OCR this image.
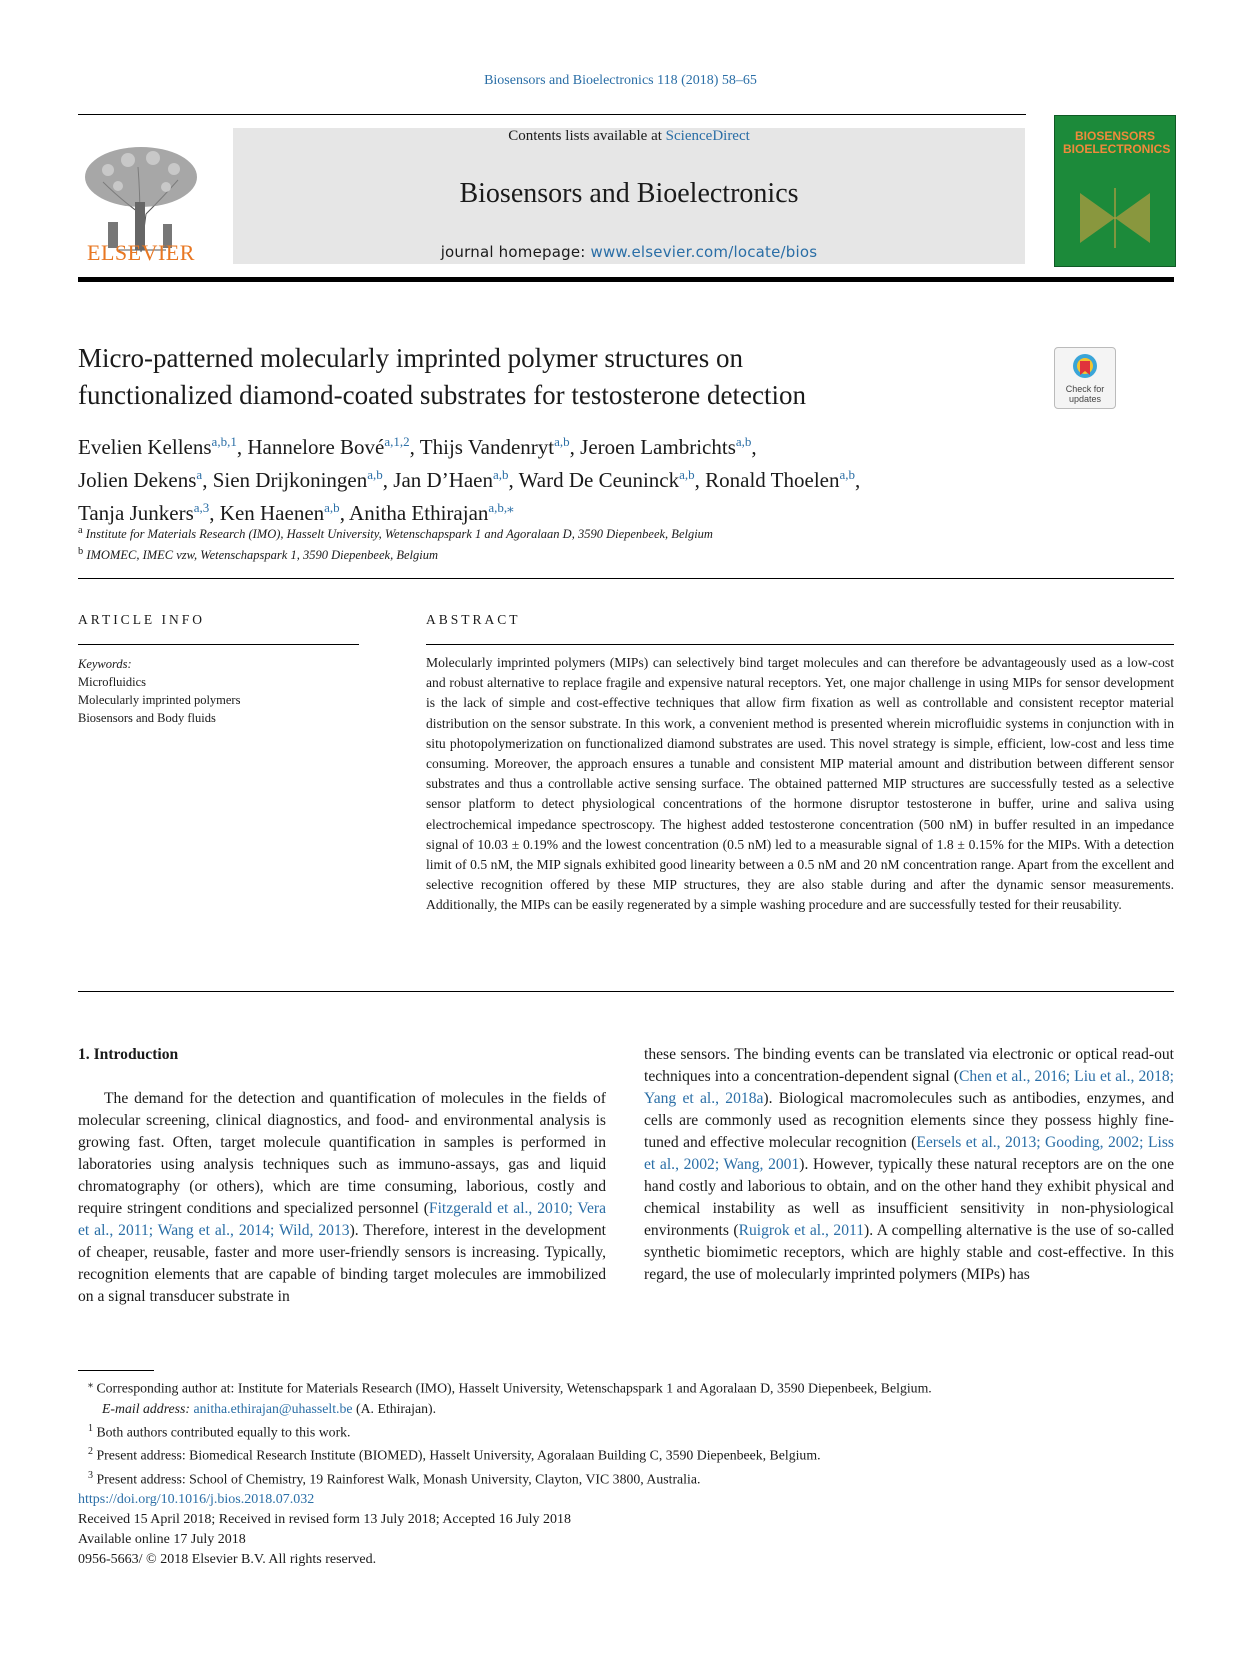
Biosensors and Bioelectronics 118 (2018) 58–65
ELSEVIER
Contents lists available at ScienceDirect
Biosensors and Bioelectronics
journal homepage: www.elsevier.com/locate/bios
BIOSENSORS BIOELECTRONICS
Micro-patterned molecularly imprinted polymer structures on
functionalized diamond-coated substrates for testosterone detection	Check for updates
Evelien Kellens$^{a,b,1}$, Hannelore Bové$^{a,1,2}$, Thijs Vandenryt$^{a,b}$, Jeroen Lambrichts$^{a,b}$,
Jolien Dekens$^a$, Sien Drijkoningen$^{a,b}$, Jan D’Haen$^{a,b}$, Ward De Ceuninck$^{a,b}$, Ronald Thoelen$^{a,b}$,
Tanja Junkers$^{a,3}$, Ken Haenen$^{a,b}$, Anitha Ethirajan$^{a,b,⁎}$
$^a$ Institute for Materials Research (IMO), Hasselt University, Wetenschapspark 1 and Agoralaan D, 3590 Diepenbeek, Belgium
$^b$ IMOMEC, IMEC vzw, Wetenschapspark 1, 3590 Diepenbeek, Belgium
ARTICLE INFO	ABSTRACT
Keywords:
Microfluidics
Molecularly imprinted polymers
Biosensors and Body fluids
Molecularly imprinted polymers (MIPs) can selectively bind target molecules and can therefore be advantageously used as a low-cost and robust alternative to replace fragile and expensive natural receptors. Yet, one major challenge in using MIPs for sensor development is the lack of simple and cost-effective techniques that allow firm fixation as well as controllable and consistent receptor material distribution on the sensor substrate. In this work, a convenient method is presented wherein microfluidic systems in conjunction with in situ photopolymerization on functionalized diamond substrates are used. This novel strategy is simple, efficient, low-cost and less time consuming. Moreover, the approach ensures a tunable and consistent MIP material amount and distribution between different sensor substrates and thus a controllable active sensing surface. The obtained patterned MIP structures are successfully tested as a selective sensor platform to detect physiological concentrations of the hormone disruptor testosterone in buffer, urine and saliva using electrochemical impedance spectroscopy. The highest added testosterone concentration (500 nM) in buffer resulted in an impedance signal of 10.03 ± 0.19% and the lowest concentration (0.5 nM) led to a measurable signal of 1.8 ± 0.15% for the MIPs. With a detection limit of 0.5 nM, the MIP signals exhibited good linearity between a 0.5 nM and 20 nM concentration range. Apart from the excellent and selective recognition offered by these MIP structures, they are also stable during and after the dynamic sensor measurements. Additionally, the MIPs can be easily regenerated by a simple washing procedure and are successfully tested for their reusability.
1. Introduction

The demand for the detection and quantification of molecules in the fields of molecular screening, clinical diagnostics, and food- and environmental analysis is growing fast. Often, target molecule quantification in samples is performed in laboratories using analysis techniques such as immuno-assays, gas and liquid chromatography (or others), which are time consuming, laborious, costly and require stringent conditions and specialized personnel (Fitzgerald et al., 2010; Vera et al., 2011; Wang et al., 2014; Wild, 2013). Therefore, interest in the development of cheaper, reusable, faster and more user-friendly sensors is increasing. Typically, recognition elements that are capable of binding target molecules are immobilized on a signal transducer substrate in

these sensors. The binding events can be translated via electronic or optical read-out techniques into a concentration-dependent signal (Chen et al., 2016; Liu et al., 2018; Yang et al., 2018a). Biological macromolecules such as antibodies, enzymes, and cells are commonly used as recognition elements since they possess highly fine-tuned and effective molecular recognition (Eersels et al., 2013; Gooding, 2002; Liss et al., 2002; Wang, 2001). However, typically these natural receptors are on the one hand costly and laborious to obtain, and on the other hand they exhibit physical and chemical instability as well as insufficient sensitivity in non-physiological environments (Ruigrok et al., 2011). A compelling alternative is the use of so-called synthetic biomimetic receptors, which are highly stable and cost-effective. In this regard, the use of molecularly imprinted polymers (MIPs) has

⁎ Corresponding author at: Institute for Materials Research (IMO), Hasselt University, Wetenschapspark 1 and Agoralaan D, 3590 Diepenbeek, Belgium.
E-mail address: anitha.ethirajan@uhasselt.be (A. Ethirajan).
$^1$ Both authors contributed equally to this work.
$^2$ Present address: Biomedical Research Institute (BIOMED), Hasselt University, Agoralaan Building C, 3590 Diepenbeek, Belgium.
$^3$ Present address: School of Chemistry, 19 Rainforest Walk, Monash University, Clayton, VIC 3800, Australia.
https://doi.org/10.1016/j.bios.2018.07.032
Received 15 April 2018; Received in revised form 13 July 2018; Accepted 16 July 2018
Available online 17 July 2018
0956-5663/ © 2018 Elsevier B.V. All rights reserved.
